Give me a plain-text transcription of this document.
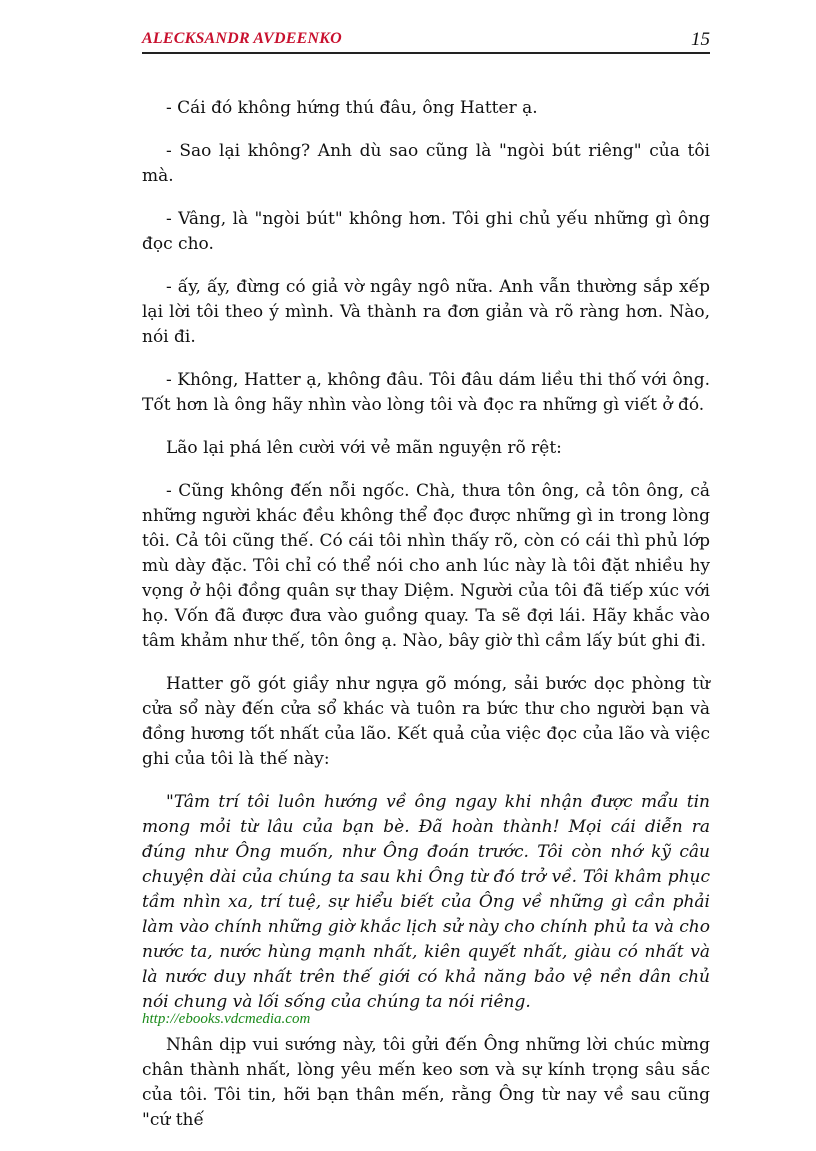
ALECKSANDR AVDEENKO	15

- Cái đó không hứng thú đâu, ông Hatter ạ.

- Sao lại không? Anh dù sao cũng là "ngòi bút riêng" của tôi mà.

- Vâng, là "ngòi bút" không hơn. Tôi ghi chủ yếu những gì ông đọc cho.

- ấy, ấy, đừng có giả vờ ngây ngô nữa. Anh vẫn thường sắp xếp lại lời tôi theo ý mình. Và thành ra đơn giản và rõ ràng hơn. Nào, nói đi.

- Không, Hatter ạ, không đâu. Tôi đâu dám liều thi thố với ông. Tốt hơn là ông hãy nhìn vào lòng tôi và đọc ra những gì viết ở đó.

Lão lại phá lên cười với vẻ mãn nguyện rõ rệt:

- Cũng không đến nỗi ngốc. Chà, thưa tôn ông, cả tôn ông, cả những người khác đều không thể đọc được những gì in trong lòng tôi. Cả tôi cũng thế. Có cái tôi nhìn thấy rõ, còn có cái thì phủ lớp mù dày đặc. Tôi chỉ có thể nói cho anh lúc này là tôi đặt nhiều hy vọng ở hội đồng quân sự thay Diệm. Người của tôi đã tiếp xúc với họ. Vốn đã được đưa vào guồng quay. Ta sẽ đợi lái. Hãy khắc vào tâm khảm như thế, tôn ông ạ. Nào, bây giờ thì cầm lấy bút ghi đi.

Hatter gõ gót giầy như ngựa gõ móng, sải bước dọc phòng từ cửa sổ này đến cửa sổ khác và tuôn ra bức thư cho người bạn và đồng hương tốt nhất của lão. Kết quả của việc đọc của lão và việc ghi của tôi là thế này:

"Tâm trí tôi luôn hướng về ông ngay khi nhận được mẩu tin mong mỏi từ lâu của bạn bè. Đã hoàn thành! Mọi cái diễn ra đúng như Ông muốn, như Ông đoán trước. Tôi còn nhớ kỹ câu chuyện dài của chúng ta sau khi Ông từ đó trở về. Tôi khâm phục tầm nhìn xa, trí tuệ, sự hiểu biết của Ông về những gì cần phải làm vào chính những giờ khắc lịch sử này cho chính phủ ta và cho nước ta, nước hùng mạnh nhất, kiên quyết nhất, giàu có nhất và là nước duy nhất trên thế giới có khả năng bảo vệ nền dân chủ nói chung và lối sống của chúng ta nói riêng.

Nhân dịp vui sướng này, tôi gửi đến Ông những lời chúc mừng chân thành nhất, lòng yêu mến keo sơn và sự kính trọng sâu sắc của tôi. Tôi tin, hỡi bạn thân mến, rằng Ông từ nay về sau cũng "cứ thế

http://ebooks.vdcmedia.com
